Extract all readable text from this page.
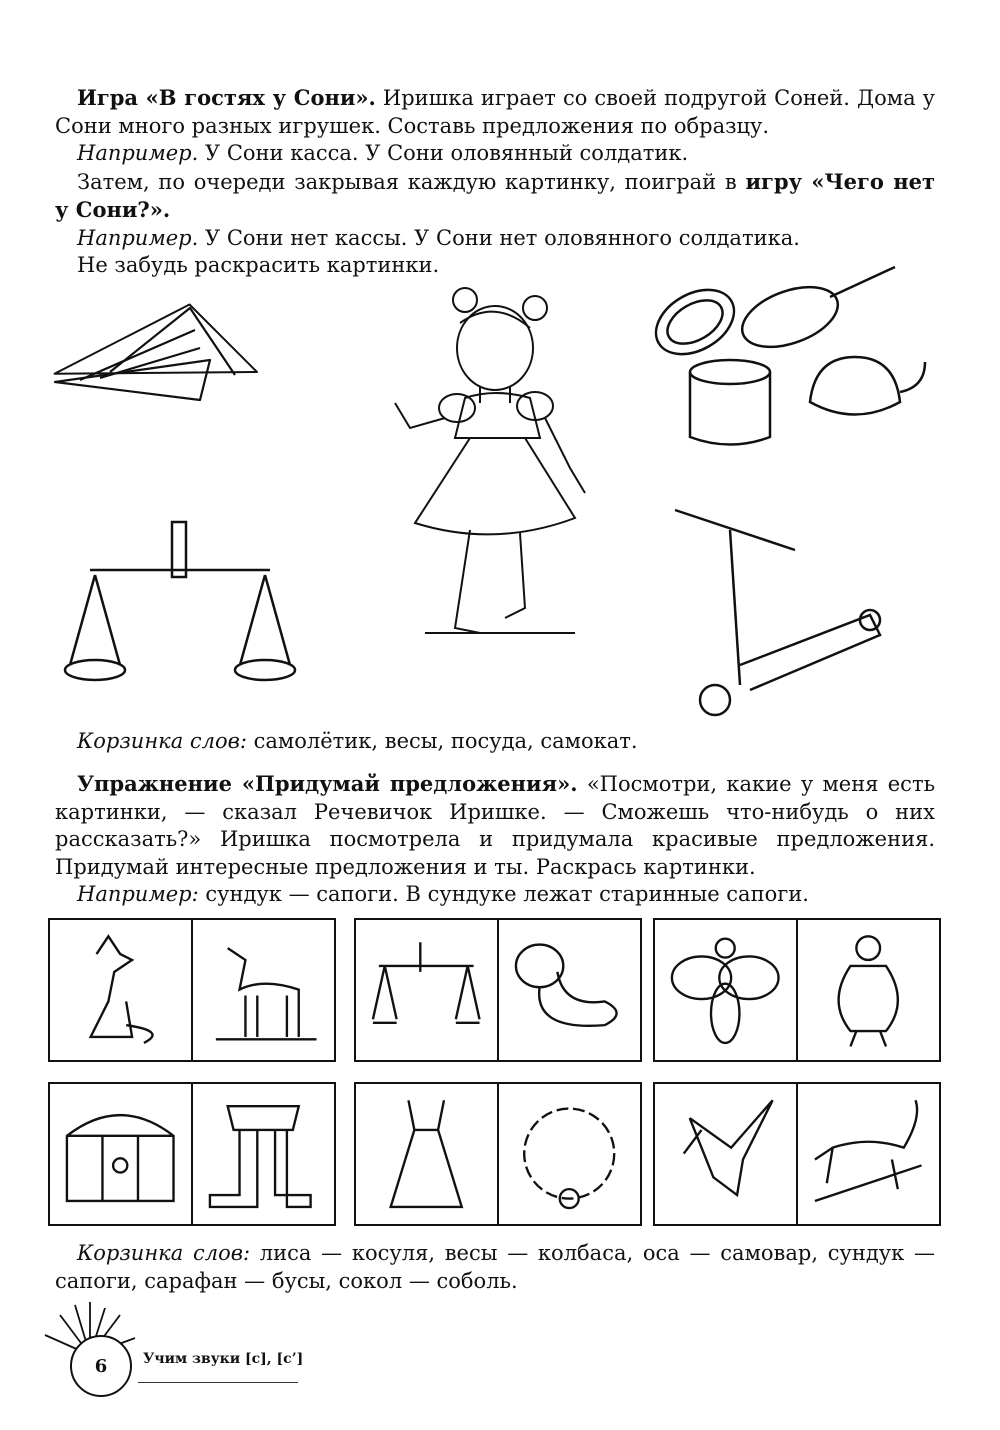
Игра «В гостях у Сони». Иришка играет со своей подругой Соней. Дома у Сони много разных игрушек. Составь предложения по образцу.

Например. У Сони касса. У Сони оловянный солдатик.

Затем, по очереди закрывая каждую картинку, поиграй в игру «Чего нет у Сони?».

Например. У Сони нет кассы. У Сони нет оловянного солдатика.

Не забудь раскрасить картинки.

Корзинка слов: самолётик, весы, посуда, самокат.

Упражнение «Придумай предложения». «Посмотри, какие у меня есть картинки, — сказал Речевичок Иришке. — Сможешь что-нибудь о них рассказать?» Иришка посмотрела и придумала красивые предложения. Придумай интересные предложения и ты. Раскрась картинки.

Например: сундук — сапоги. В сундуке лежат старинные сапоги.

Корзинка слов: лиса — косуля, весы — колбаса, оса — самовар, сундук — сапоги, сарафан — бусы, сокол — соболь.

6	Учим звуки [с], [с’]
